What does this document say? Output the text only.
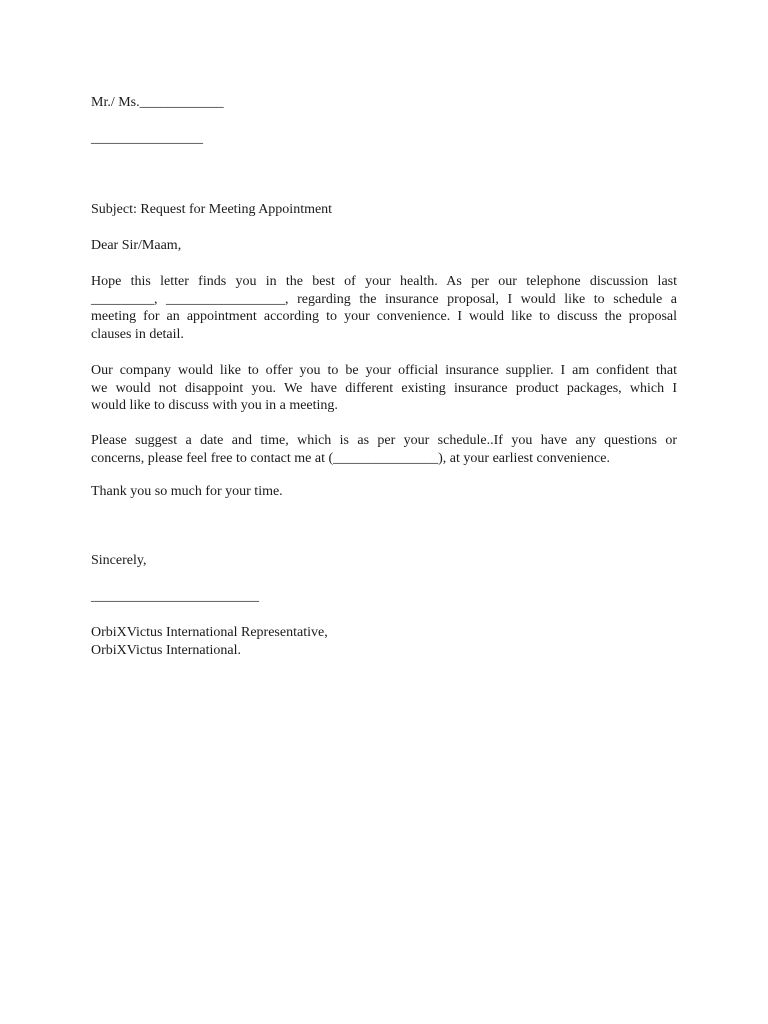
Mr./ Ms.____________
________________
Subject: Request for Meeting Appointment
Dear Sir/Maam,
Hope this letter finds you in the best of your health. As per our telephone discussion last
_________, _________________, regarding the insurance proposal, I would like to schedule a
meeting for an appointment according to your convenience. I would like to discuss the proposal
clauses in detail.
Our company would like to offer you to be your official insurance supplier. I am confident that
we would not disappoint you. We have different existing insurance product packages, which I
would like to discuss with you in a meeting.
Please suggest a date and time, which is as per your schedule..If you have any questions or
concerns, please feel free to contact me at (_______________), at your earliest convenience.
Thank you so much for your time.
Sincerely,
________________________
OrbiXVictus International Representative,
OrbiXVictus International.
